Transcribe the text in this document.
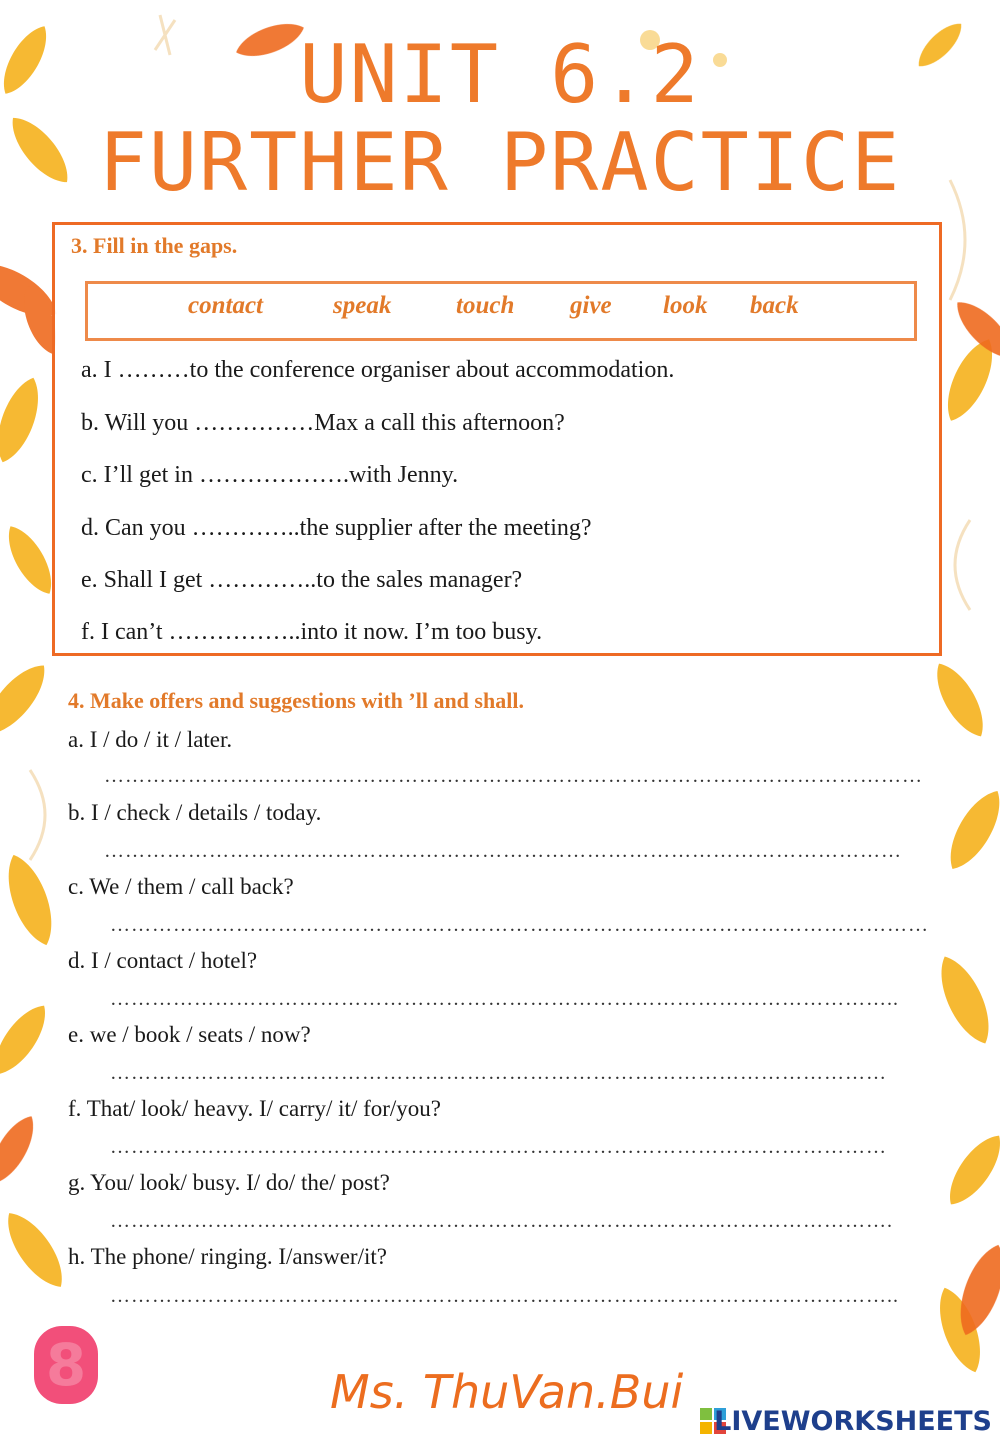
UNIT 6.2
FURTHER PRACTICE
3. Fill in the gaps.
contact	speak	touch give look back
a. I ………to the conference organiser about accommodation.
b. Will you ……………Max a call this afternoon?
c. I’ll get in ……………….with Jenny.
d. Can you …………..the supplier after the meeting?
e. Shall I get …………..to the sales manager?
f. I can’t ……………..into it now. I’m too busy.
4. Make offers and suggestions with ’ll and shall.
a. I / do / it / later.
………………………………………………………………………………………………………
b. I / check / details / today.
……………………………………………………………………………………………………
c. We / them / call back?
………………………………………………………………………………………………………
d. I / contact / hotel?
…………………………………………………………………………………………………..
e. we / book / seats / now?
…………………………………………………………………………………………………
f. That/ look/ heavy. I/ carry/ it/ for/you?
…………………………………………………………………………………………………
g. You/ look/ busy. I/ do/ the/ post?
………………………………………………………………………………………………….
h. The phone/ ringing. I/answer/it?
…………………………………………………………………………………………………..
8	Ms. ThuVan.Bui
LIVEWORKSHEETS
